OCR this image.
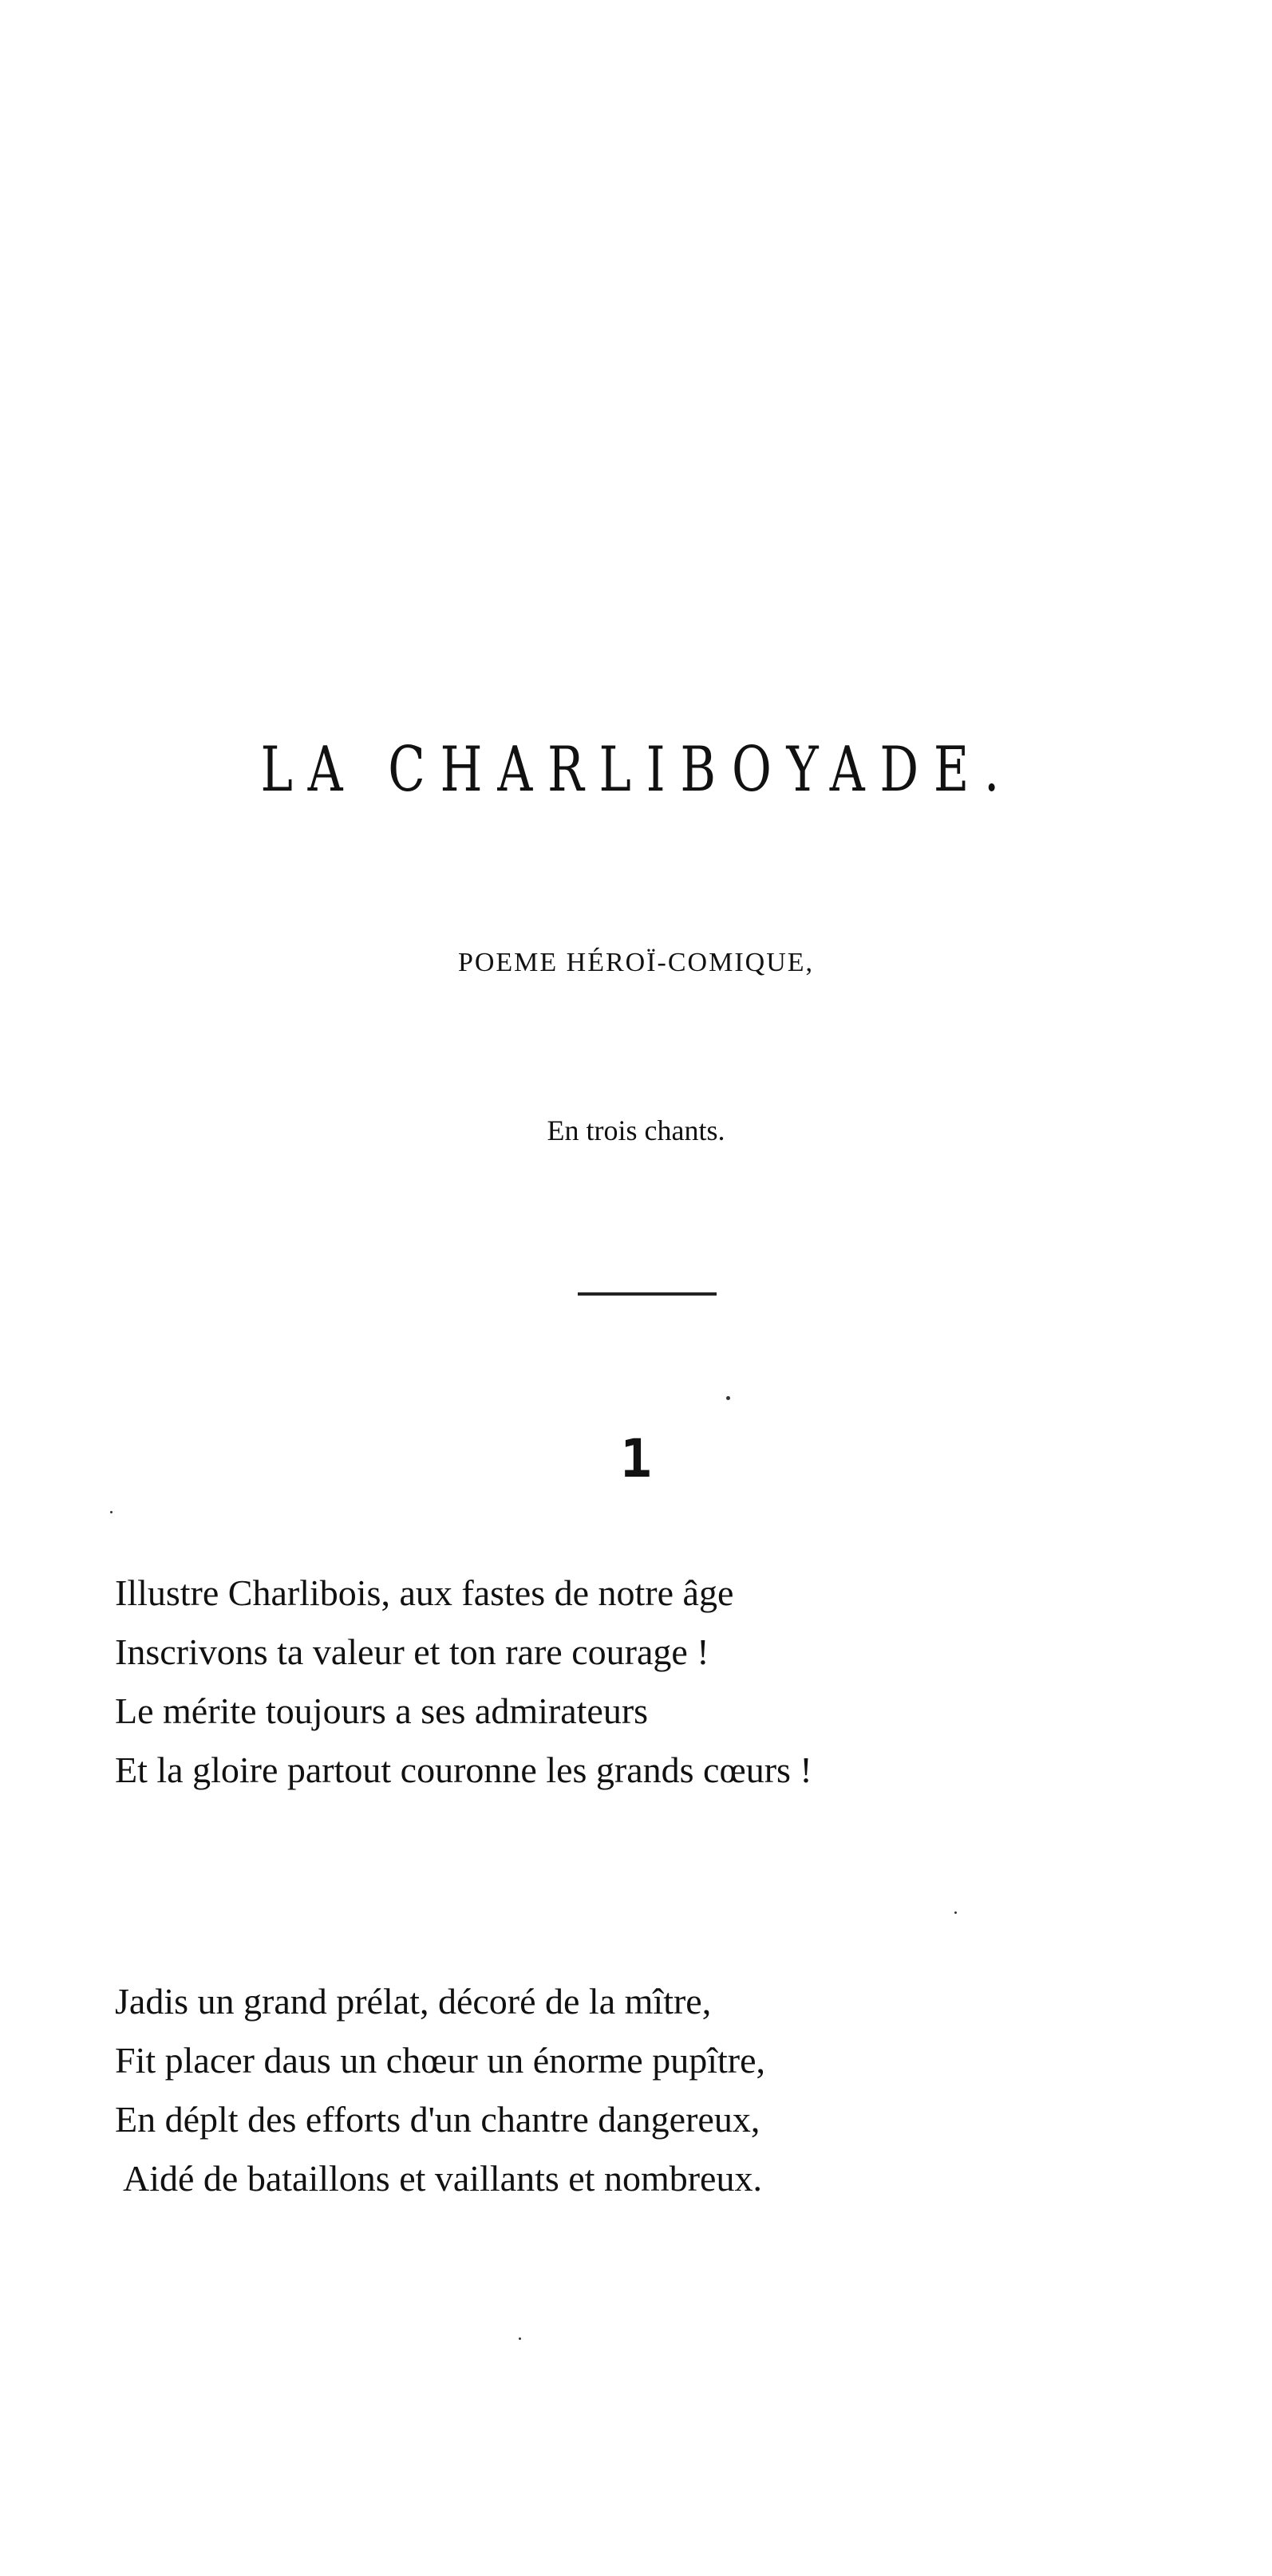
LA CHARLIBOYADE.
POEME HÉROÏ-COMIQUE,
En trois chants.
1
Illustre Charlibois, aux fastes de notre âge
Inscrivons ta valeur et ton rare courage !
Le mérite toujours a ses admirateurs
Et la gloire partout couronne les grands cœurs !
Jadis un grand prélat, décoré de la mître,
Fit placer daus un chœur un énorme pupître,
En déplt des efforts d'un chantre dangereux,
Aidé de bataillons et vaillants et nombreux.
